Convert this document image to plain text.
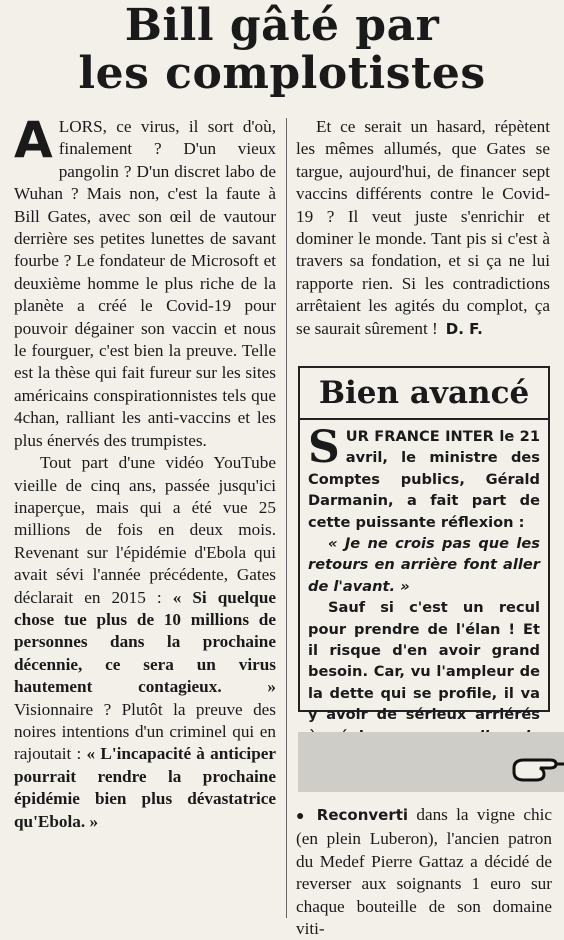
Bill gâté par
les complotistes

ALORS, ce virus, il sort d'où, finalement ? D'un vieux pangolin ? D'un discret labo de Wuhan ? Mais non, c'est la faute à Bill Gates, avec son œil de vautour derrière ses petites lunettes de savant fourbe ? Le fondateur de Microsoft et deuxième homme le plus riche de la planète a créé le Covid-19 pour pouvoir dégainer son vaccin et nous le fourguer, c'est bien la preuve. Telle est la thèse qui fait fureur sur les sites américains conspirationnistes tels que 4chan, ralliant les anti-vaccins et les plus énervés des trumpistes.

Tout part d'une vidéo YouTube vieille de cinq ans, passée jusqu'ici inaperçue, mais qui a été vue 25 millions de fois en deux mois. Revenant sur l'épidémie d'Ebola qui avait sévi l'année précédente, Gates déclarait en 2015 : « Si quelque chose tue plus de 10 millions de personnes dans la prochaine décennie, ce sera un virus hautement contagieux. » Visionnaire ? Plutôt la preuve des noires intentions d'un criminel qui en rajoutait : « L'incapacité à anticiper pourrait rendre la prochaine épidémie bien plus dévastatrice qu'Ebola. »

Et ce serait un hasard, répètent les mêmes allumés, que Gates se targue, aujourd'hui, de financer sept vaccins différents contre le Covid-19 ? Il veut juste s'enrichir et dominer le monde. Tant pis si c'est à travers sa fondation, et si ça ne lui rapporte rien. Si les contradictions arrêtaient les agités du complot, ça se saurait sûrement ! D. F.

Bien avancé

SUR FRANCE INTER le 21 avril, le ministre des Comptes publics, Gérald Darmanin, a fait part de cette puissante réflexion :

« Je ne crois pas que les retours en arrière font aller de l'avant. »

Sauf si c'est un recul pour prendre de l'élan ! Et il risque d'en avoir grand besoin. Car, vu l'ampleur de la dette qui se profile, il va y avoir de sérieux arriérés

● Reconverti dans la vigne chic (en plein Luberon), l'ancien patron du Medef Pierre Gattaz a décidé de reverser aux soignants 1 euro sur chaque bouteille de son domaine viti-
